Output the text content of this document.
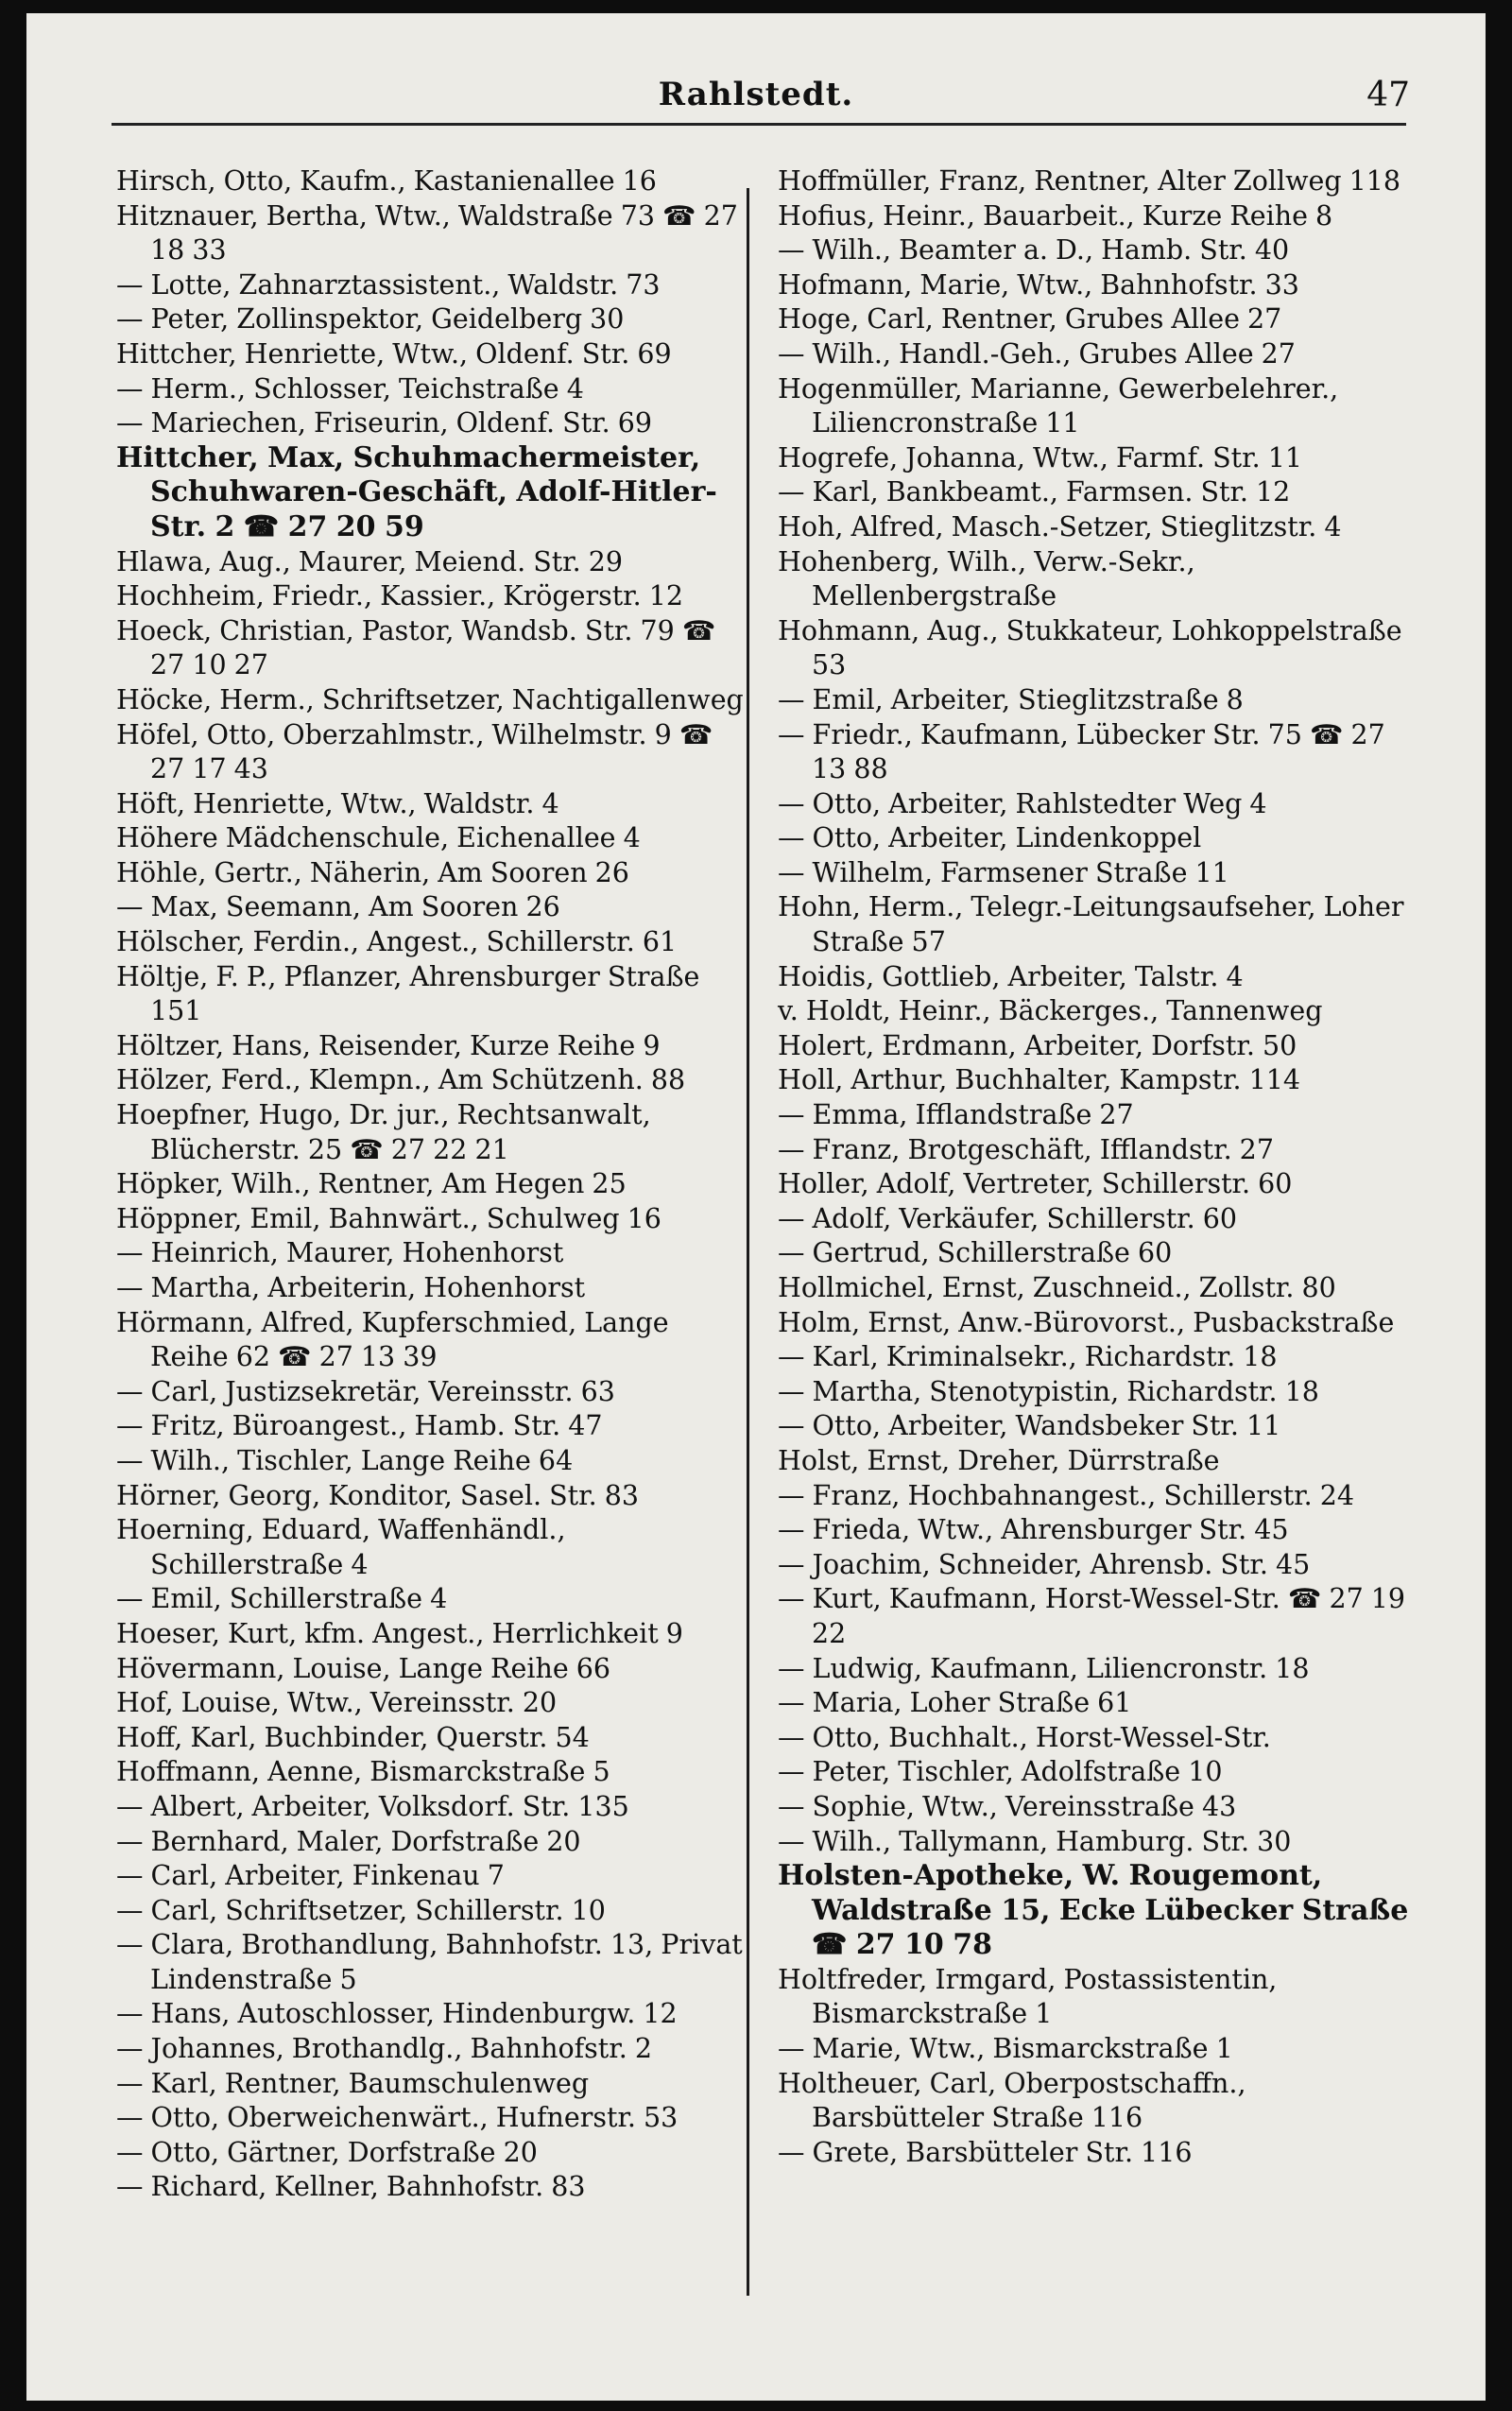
Rahlstedt.	47
Hirsch, Otto, Kaufm., Kastanienallee 16
Hitznauer, Bertha, Wtw., Waldstraße 73 ☎ 27 18 33
— Lotte, Zahnarztassistent., Waldstr. 73
— Peter, Zollinspektor, Geidelberg 30
Hittcher, Henriette, Wtw., Oldenf. Str. 69
— Herm., Schlosser, Teichstraße 4
— Mariechen, Friseurin, Oldenf. Str. 69
Hittcher, Max, Schuhmachermeister, Schuhwaren-Geschäft, Adolf-Hitler-Str. 2 ☎ 27 20 59
Hlawa, Aug., Maurer, Meiend. Str. 29
Hochheim, Friedr., Kassier., Krögerstr. 12
Hoeck, Christian, Pastor, Wandsb. Str. 79 ☎ 27 10 27
Höcke, Herm., Schriftsetzer, Nachtigallenweg
Höfel, Otto, Oberzahlmstr., Wilhelmstr. 9 ☎ 27 17 43
Höft, Henriette, Wtw., Waldstr. 4
Höhere Mädchenschule, Eichenallee 4
Höhle, Gertr., Näherin, Am Sooren 26
— Max, Seemann, Am Sooren 26
Hölscher, Ferdin., Angest., Schillerstr. 61
Höltje, F. P., Pflanzer, Ahrensburger Straße 151
Höltzer, Hans, Reisender, Kurze Reihe 9
Hölzer, Ferd., Klempn., Am Schützenh. 88
Hoepfner, Hugo, Dr. jur., Rechtsanwalt, Blücherstr. 25 ☎ 27 22 21
Höpker, Wilh., Rentner, Am Hegen 25
Höppner, Emil, Bahnwärt., Schulweg 16
— Heinrich, Maurer, Hohenhorst
— Martha, Arbeiterin, Hohenhorst
Hörmann, Alfred, Kupferschmied, Lange Reihe 62 ☎ 27 13 39
— Carl, Justizsekretär, Vereinsstr. 63
— Fritz, Büroangest., Hamb. Str. 47
— Wilh., Tischler, Lange Reihe 64
Hörner, Georg, Konditor, Sasel. Str. 83
Hoerning, Eduard, Waffenhändl., Schillerstraße 4
— Emil, Schillerstraße 4
Hoeser, Kurt, kfm. Angest., Herrlichkeit 9
Hövermann, Louise, Lange Reihe 66
Hof, Louise, Wtw., Vereinsstr. 20
Hoff, Karl, Buchbinder, Querstr. 54
Hoffmann, Aenne, Bismarckstraße 5
— Albert, Arbeiter, Volksdorf. Str. 135
— Bernhard, Maler, Dorfstraße 20
— Carl, Arbeiter, Finkenau 7
— Carl, Schriftsetzer, Schillerstr. 10
— Clara, Brothandlung, Bahnhofstr. 13, Privat Lindenstraße 5
— Hans, Autoschlosser, Hindenburgw. 12
— Johannes, Brothandlg., Bahnhofstr. 2
— Karl, Rentner, Baumschulenweg
— Otto, Oberweichenwärt., Hufnerstr. 53
— Otto, Gärtner, Dorfstraße 20
— Richard, Kellner, Bahnhofstr. 83
Hoffmüller, Franz, Rentner, Alter Zollweg 118
Hofius, Heinr., Bauarbeit., Kurze Reihe 8
— Wilh., Beamter a. D., Hamb. Str. 40
Hofmann, Marie, Wtw., Bahnhofstr. 33
Hoge, Carl, Rentner, Grubes Allee 27
— Wilh., Handl.-Geh., Grubes Allee 27
Hogenmüller, Marianne, Gewerbelehrer., Liliencronstraße 11
Hogrefe, Johanna, Wtw., Farmf. Str. 11
— Karl, Bankbeamt., Farmsen. Str. 12
Hoh, Alfred, Masch.-Setzer, Stieglitzstr. 4
Hohenberg, Wilh., Verw.-Sekr., Mellenbergstraße
Hohmann, Aug., Stukkateur, Lohkoppelstraße 53
— Emil, Arbeiter, Stieglitzstraße 8
— Friedr., Kaufmann, Lübecker Str. 75 ☎ 27 13 88
— Otto, Arbeiter, Rahlstedter Weg 4
— Otto, Arbeiter, Lindenkoppel
— Wilhelm, Farmsener Straße 11
Hohn, Herm., Telegr.-Leitungsaufseher, Loher Straße 57
Hoidis, Gottlieb, Arbeiter, Talstr. 4
v. Holdt, Heinr., Bäckerges., Tannenweg
Holert, Erdmann, Arbeiter, Dorfstr. 50
Holl, Arthur, Buchhalter, Kampstr. 114
— Emma, Ifflandstraße 27
— Franz, Brotgeschäft, Ifflandstr. 27
Holler, Adolf, Vertreter, Schillerstr. 60
— Adolf, Verkäufer, Schillerstr. 60
— Gertrud, Schillerstraße 60
Hollmichel, Ernst, Zuschneid., Zollstr. 80
Holm, Ernst, Anw.-Bürovorst., Pusbackstraße
— Karl, Kriminalsekr., Richardstr. 18
— Martha, Stenotypistin, Richardstr. 18
— Otto, Arbeiter, Wandsbeker Str. 11
Holst, Ernst, Dreher, Dürrstraße
— Franz, Hochbahnangest., Schillerstr. 24
— Frieda, Wtw., Ahrensburger Str. 45
— Joachim, Schneider, Ahrensb. Str. 45
— Kurt, Kaufmann, Horst-Wessel-Str. ☎ 27 19 22
— Ludwig, Kaufmann, Liliencronstr. 18
— Maria, Loher Straße 61
— Otto, Buchhalt., Horst-Wessel-Str.
— Peter, Tischler, Adolfstraße 10
— Sophie, Wtw., Vereinsstraße 43
— Wilh., Tallymann, Hamburg. Str. 30
Holsten-Apotheke, W. Rougemont, Waldstraße 15, Ecke Lübecker Straße ☎ 27 10 78
Holtfreder, Irmgard, Postassistentin, Bismarckstraße 1
— Marie, Wtw., Bismarckstraße 1
Holtheuer, Carl, Oberpostschaffn., Barsbütteler Straße 116
— Grete, Barsbütteler Str. 116
